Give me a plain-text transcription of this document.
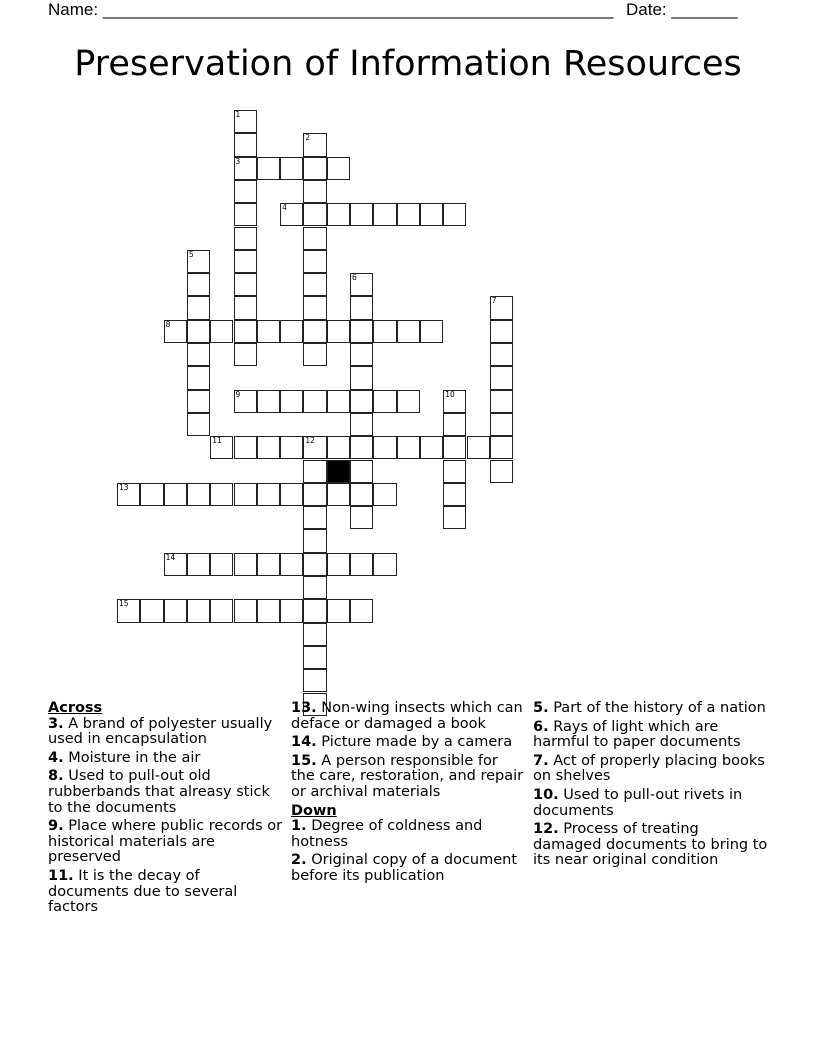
Name: ______________________________________________________ Date: _______
Preservation of Information Resources
1
3
2
4
5
6
7
8
9	10
11	12
13
14
15
Across

3. A brand of polyester usually used in encapsulation

4. Moisture in the air

8. Used to pull-out old rubberbands that alreasy stick to the documents

9. Place where public records or historical materials are preserved

11. It is the decay of documents due to several factors

13. Non-wing insects which can deface or damaged a book

14. Picture made by a camera

15. A person responsible for the care, restoration, and repair or archival materials

Down

1. Degree of coldness and hotness

2. Original copy of a document before its publication

5. Part of the history of a nation

6. Rays of light which are harmful to paper documents

7. Act of properly placing books on shelves

10. Used to pull-out rivets in documents

12. Process of treating damaged documents to bring to its near original condition
